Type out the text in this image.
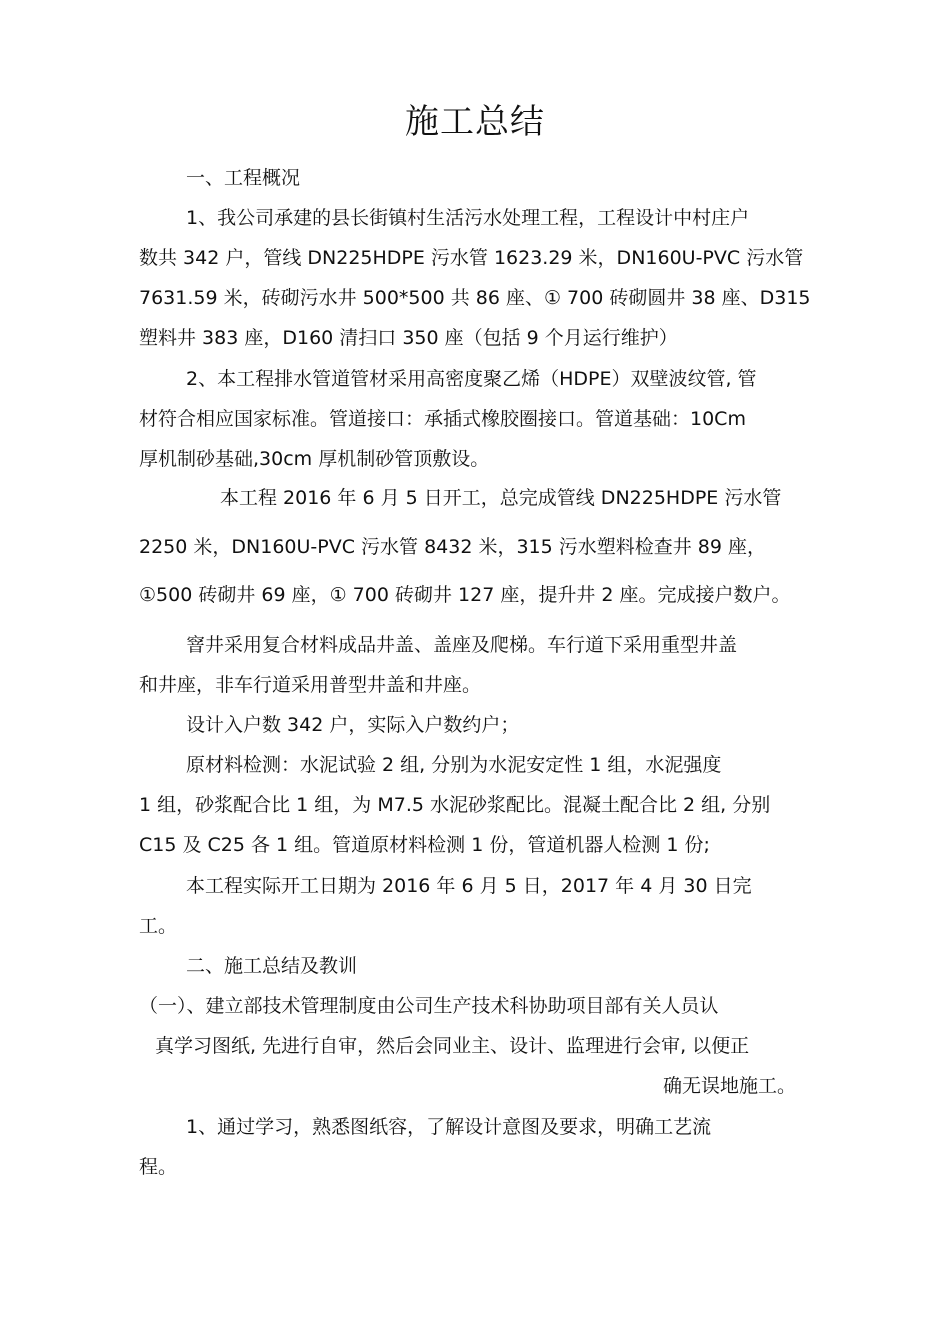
施工总结
一、工程概况
1、我公司承建的县长街镇村生活污水处理工程，工程设计中村庄户
数共 342 户，管线 DN225HDPE 污水管 1623.29 米，DN160U-PVC 污水管
7631.59 米，砖砌污水井 500*500 共 86 座、① 700 砖砌圆井 38 座、D315
塑料井 383 座，D160 清扫口 350 座（包括 9 个月运行维护）
2、本工程排水管道管材采用高密度聚乙烯（HDPE）双壁波纹管, 管
材符合相应国家标准。管道接口：承插式橡胶圈接口。管道基础：10Cm
厚机制砂基础,30cm 厚机制砂管顶敷设。
本工程 2016 年 6 月 5 日开工，总完成管线 DN225HDPE 污水管
2250 米，DN160U-PVC 污水管 8432 米，315 污水塑料检查井 89 座，
①500 砖砌井 69 座，① 700 砖砌井 127 座，提升井 2 座。完成接户数户。
窨井采用复合材料成品井盖、盖座及爬梯。车行道下采用重型井盖
和井座，非车行道采用普型井盖和井座。
设计入户数 342 户，实际入户数约户；
原材料检测：水泥试验 2 组, 分别为水泥安定性 1 组，水泥强度
1 组，砂浆配合比 1 组，为 M7.5 水泥砂浆配比。混凝土配合比 2 组, 分别
C15 及 C25 各 1 组。管道原材料检测 1 份，管道机器人检测 1 份;
本工程实际开工日期为 2016 年 6 月 5 日，2017 年 4 月 30 日完
工。
二、施工总结及教训
（一）、建立部技术管理制度由公司生产技术科协助项目部有关人员认
真学习图纸, 先进行自审，然后会同业主、设计、监理进行会审, 以便正
确无误地施工。
1、通过学习，熟悉图纸容，了解设计意图及要求，明确工艺流
程。
